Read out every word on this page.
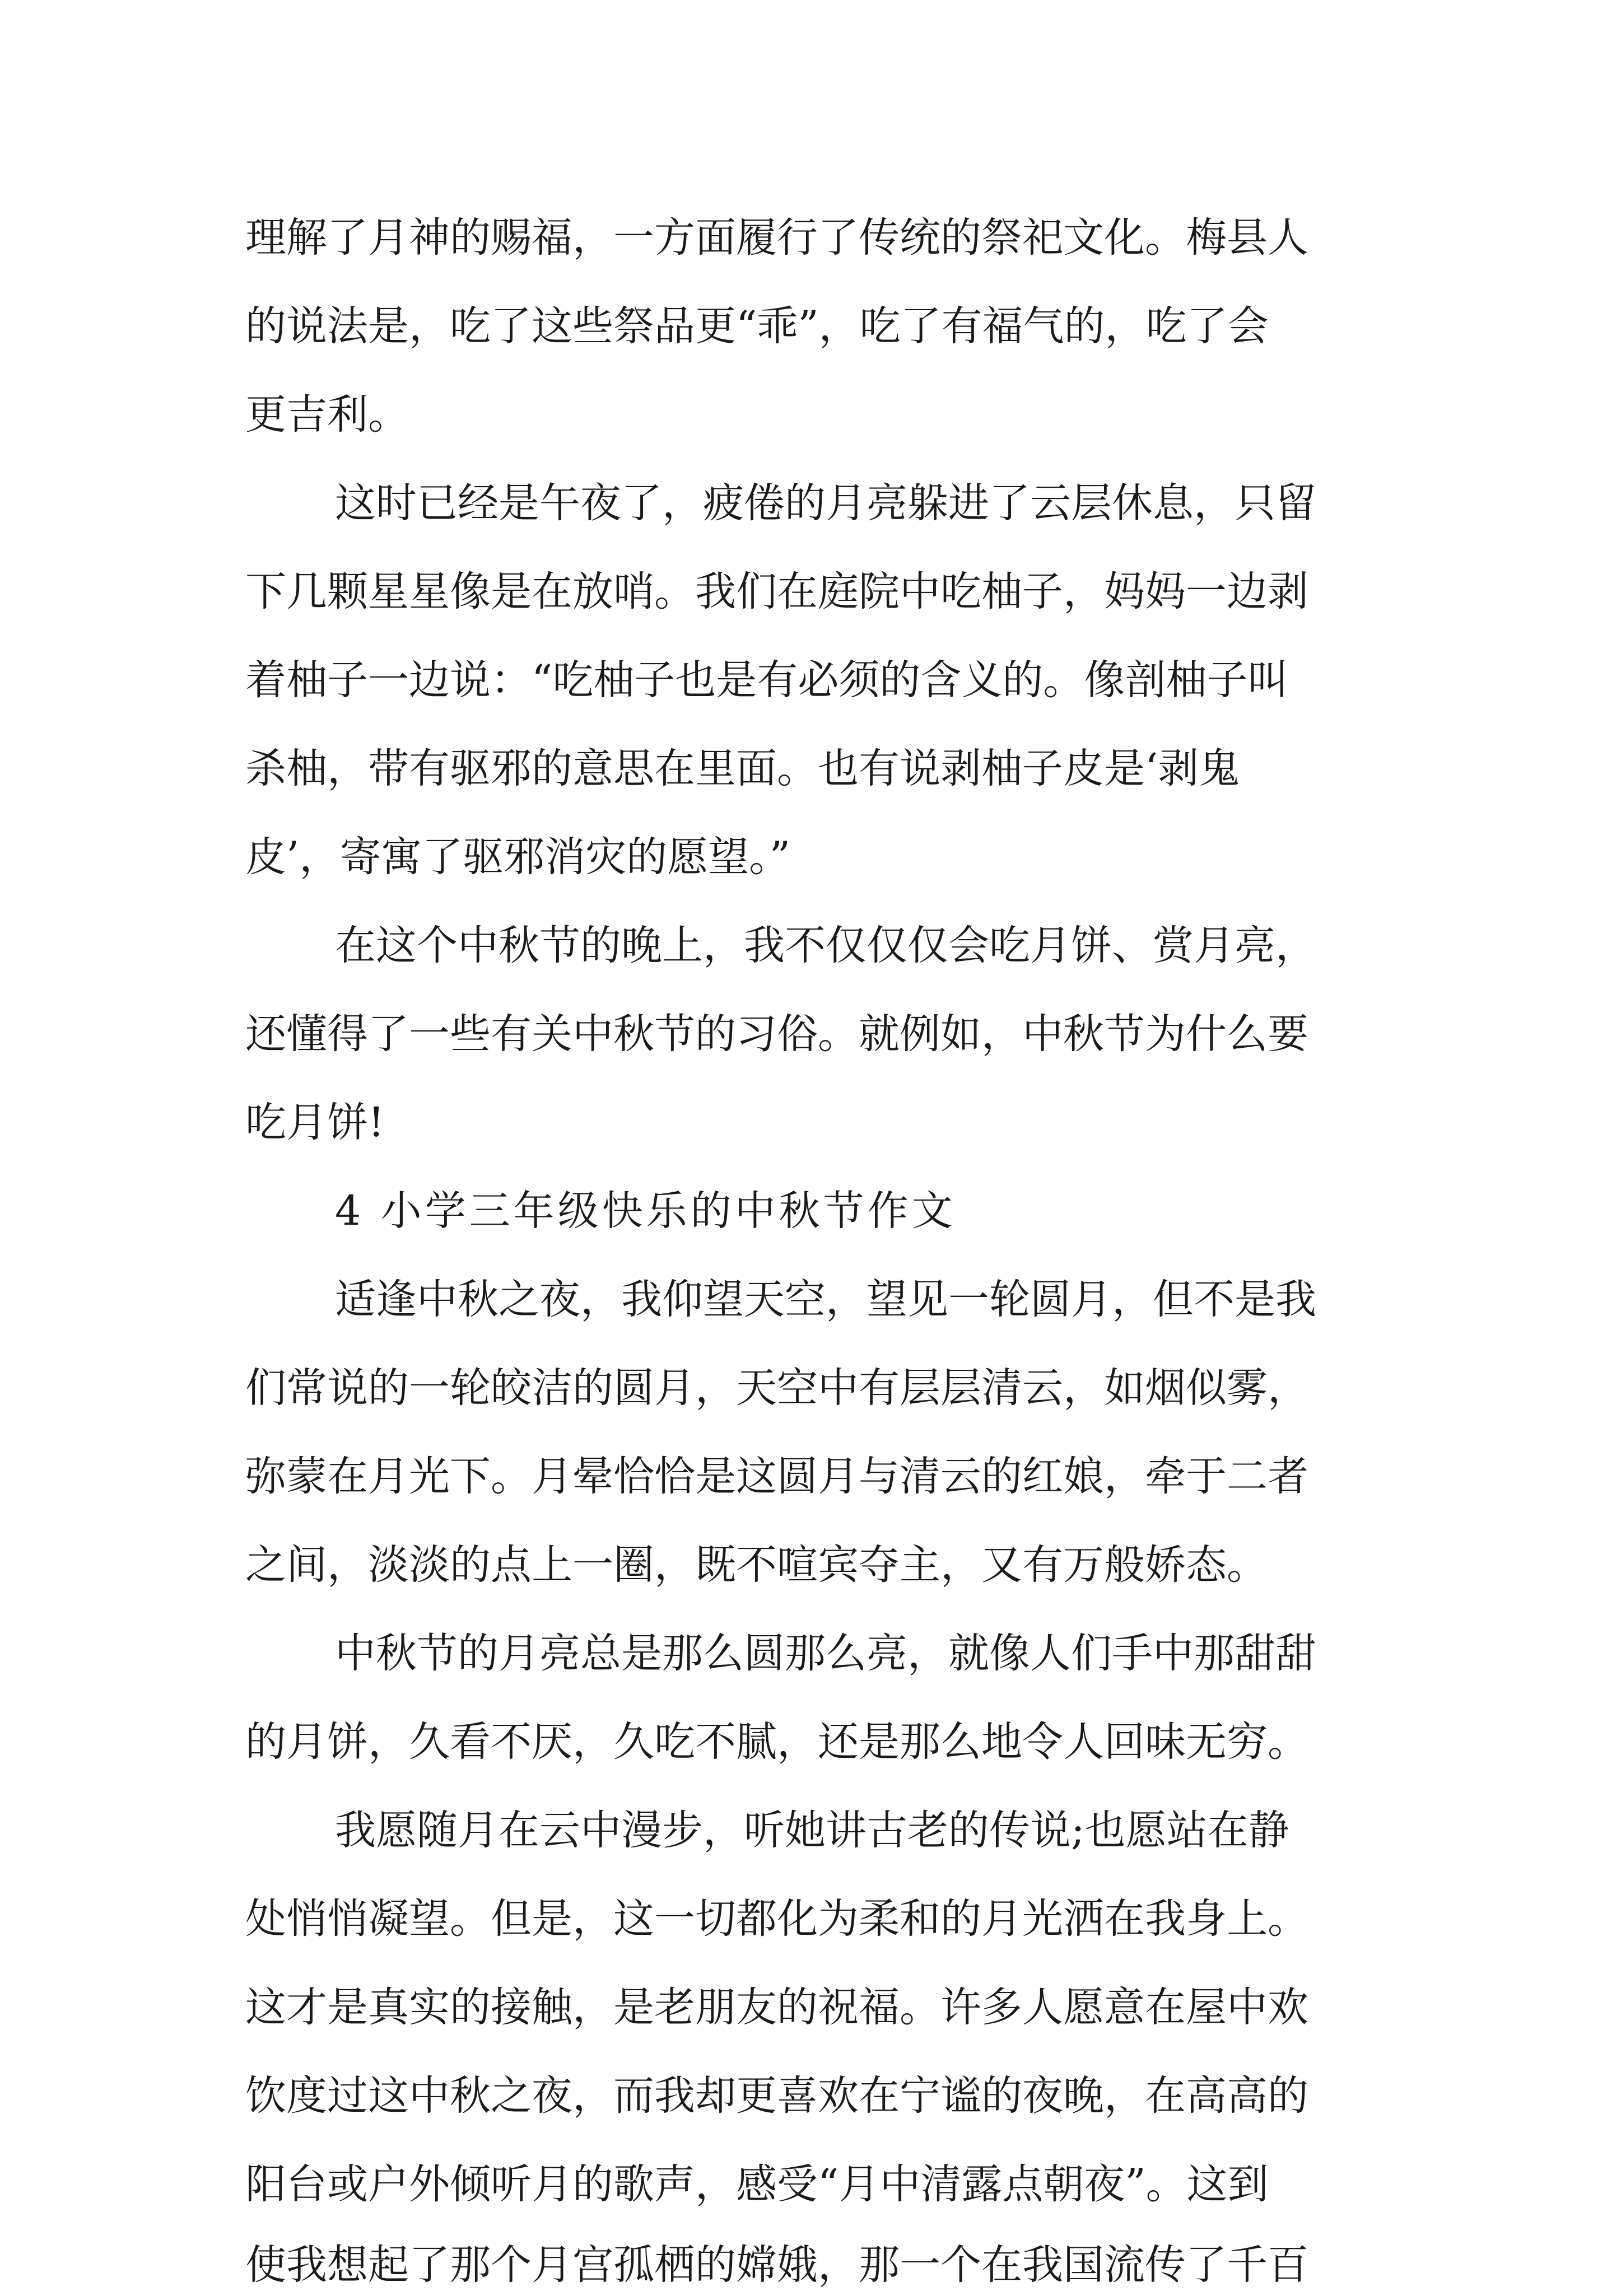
理解了月神的赐福，一方面履行了传统的祭祀文化。梅县人
的说法是，吃了这些祭品更“乖”，吃了有福气的，吃了会
更吉利。
这时已经是午夜了，疲倦的月亮躲进了云层休息，只留
下几颗星星像是在放哨。我们在庭院中吃柚子，妈妈一边剥
着柚子一边说：“吃柚子也是有必须的含义的。像剖柚子叫
杀柚，带有驱邪的意思在里面。也有说剥柚子皮是‘剥鬼
皮’，寄寓了驱邪消灾的愿望。”
在这个中秋节的晚上，我不仅仅仅会吃月饼、赏月亮，
还懂得了一些有关中秋节的习俗。就例如，中秋节为什么要
吃月饼!
4 小学三年级快乐的中秋节作文
适逢中秋之夜，我仰望天空，望见一轮圆月，但不是我
们常说的一轮皎洁的圆月，天空中有层层清云，如烟似雾，
弥蒙在月光下。月晕恰恰是这圆月与清云的红娘，牵于二者
之间，淡淡的点上一圈，既不喧宾夺主，又有万般娇态。
中秋节的月亮总是那么圆那么亮，就像人们手中那甜甜
的月饼，久看不厌，久吃不腻，还是那么地令人回味无穷。
我愿随月在云中漫步，听她讲古老的传说;也愿站在静
处悄悄凝望。但是，这一切都化为柔和的月光洒在我身上。
这才是真实的接触，是老朋友的祝福。许多人愿意在屋中欢
饮度过这中秋之夜，而我却更喜欢在宁谧的夜晚，在高高的
阳台或户外倾听月的歌声，感受“月中清露点朝夜”。这到
使我想起了那个月宫孤栖的嫦娥，那一个在我国流传了千百
